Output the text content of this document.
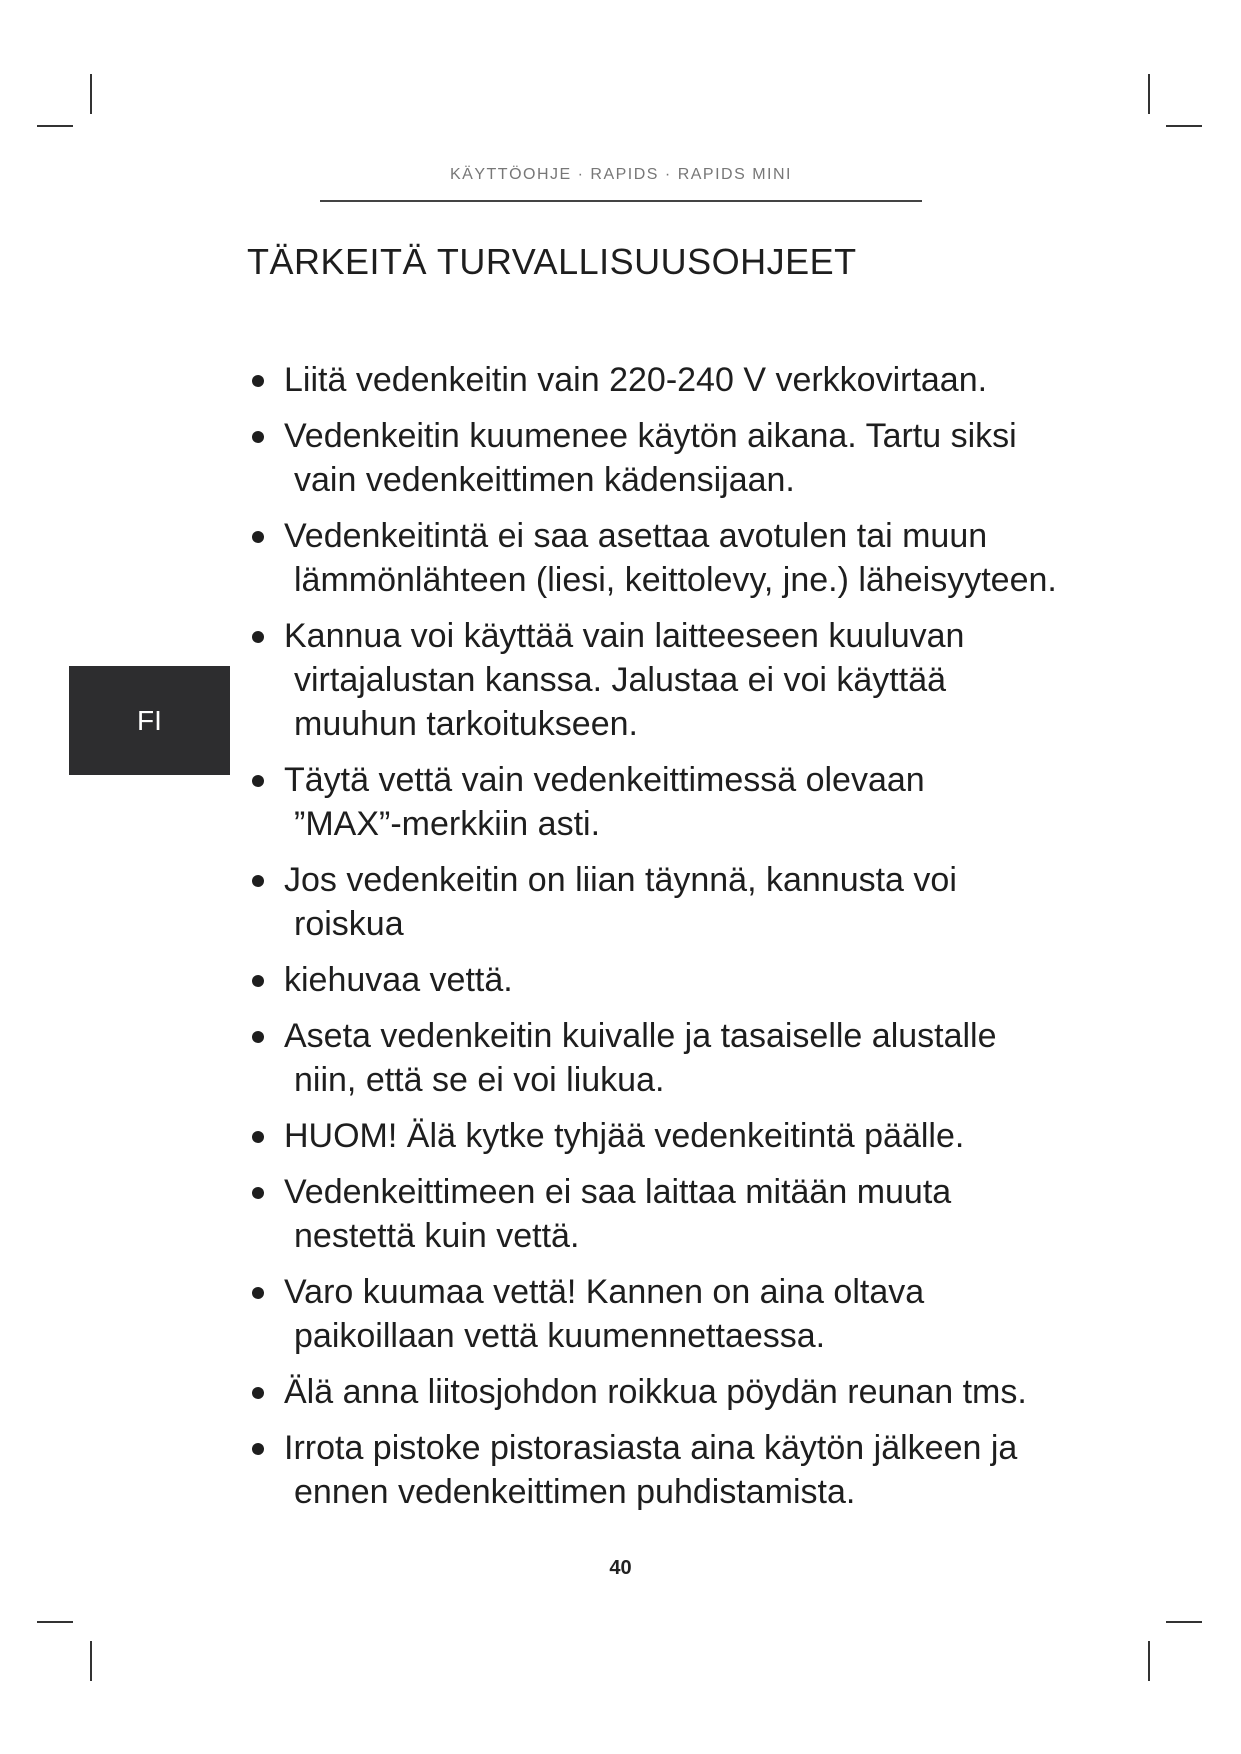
KÄYTTÖOHJE · RAPIDS · RAPIDS MINI
TÄRKEITÄ TURVALLISUUSOHJEET
FI
Liitä vedenkeitin vain 220-240 V verkkovirtaan.
Vedenkeitin kuumenee käytön aikana. Tartu siksi
vain vedenkeittimen kädensijaan.
Vedenkeitintä ei saa asettaa avotulen tai muun
lämmönlähteen (liesi, keittolevy, jne.) läheisyyteen.
Kannua voi käyttää vain laitteeseen kuuluvan
virtajalustan kanssa. Jalustaa ei voi käyttää
muuhun tarkoitukseen.
Täytä vettä vain vedenkeittimessä olevaan
”MAX”-merkkiin asti.
Jos vedenkeitin on liian täynnä, kannusta voi
roiskua
kiehuvaa vettä.
Aseta vedenkeitin kuivalle ja tasaiselle alustalle
niin, että se ei voi liukua.
HUOM! Älä kytke tyhjää vedenkeitintä päälle.
Vedenkeittimeen ei saa laittaa mitään muuta
nestettä kuin vettä.
Varo kuumaa vettä! Kannen on aina oltava
paikoillaan vettä kuumennettaessa.
Älä anna liitosjohdon roikkua pöydän reunan tms.
Irrota pistoke pistorasiasta aina käytön jälkeen ja
ennen vedenkeittimen puhdistamista.
40
